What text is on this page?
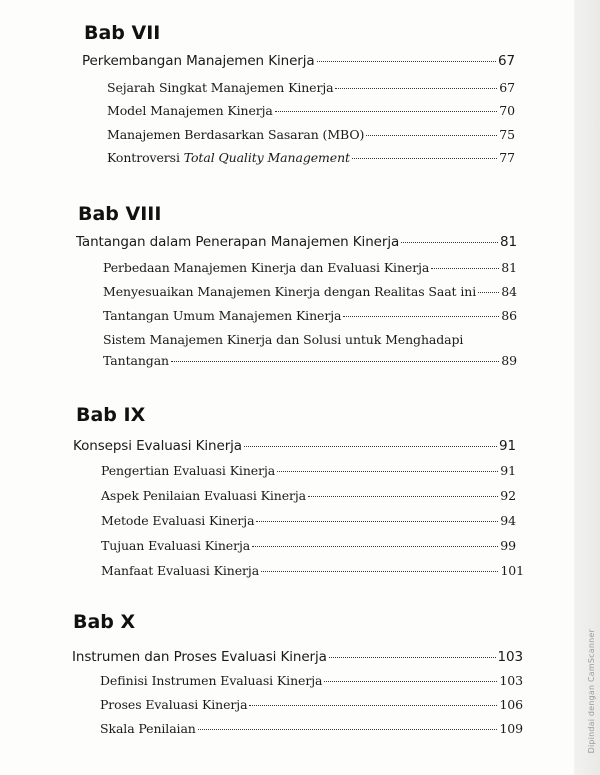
Bab VII
Perkembangan Manajemen Kinerja	67
Sejarah Singkat Manajemen Kinerja	67
Model Manajemen Kinerja	70
Manajemen Berdasarkan Sasaran (MBO)	75
Kontroversi Total Quality Management	77
Bab VIII
Tantangan dalam Penerapan Manajemen Kinerja	81
Perbedaan Manajemen Kinerja dan Evaluasi Kinerja	81
Menyesuaikan Manajemen Kinerja dengan Realitas Saat ini 84
Tantangan Umum Manajemen Kinerja	86
Sistem Manajemen Kinerja dan Solusi untuk Menghadapi
Tantangan	89
Bab IX
Konsepsi Evaluasi Kinerja	91
Pengertian Evaluasi Kinerja	91
Aspek Penilaian Evaluasi Kinerja	92
Metode Evaluasi Kinerja	94
Tujuan Evaluasi Kinerja	99
Manfaat Evaluasi Kinerja	101
Bab X
Instrumen dan Proses Evaluasi Kinerja	103
Definisi Instrumen Evaluasi Kinerja	103
Proses Evaluasi Kinerja	106
Skala Penilaian	109	Dipindai dengan CamScanner
